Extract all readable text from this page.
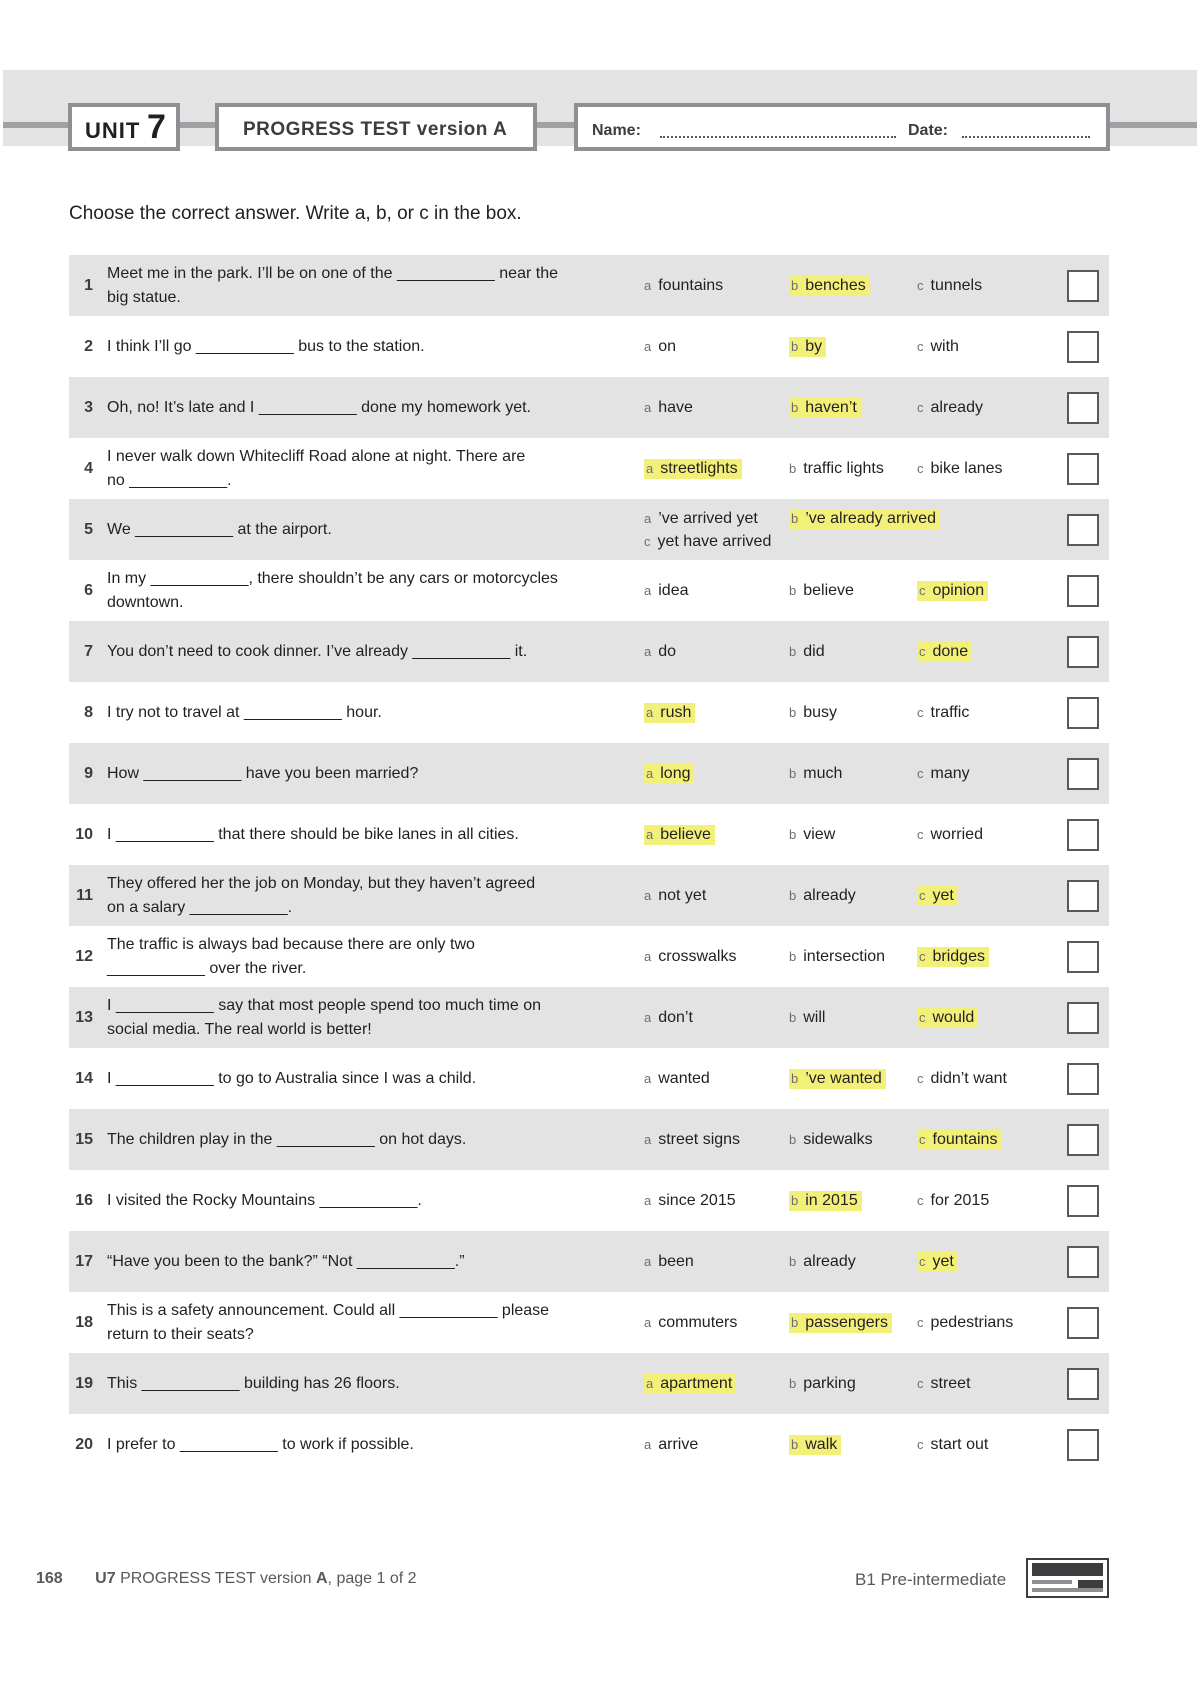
UNIT 7	PROGRESS TEST version A	Name:	Date:
Choose the correct answer. Write a, b, or c in the box.
1
Meet me in the park. I’ll be on one of the ___________ near the
big statue.
a fountains	b benches	c tunnels
2 I think I’ll go ___________ bus to the station.	a on	b by	c with
3 Oh, no! It’s late and I ___________ done my homework yet.	a have	b haven’t	c already
4
I never walk down Whitecliff Road alone at night. There are
no ___________.
a streetlights	b traffic lights	c bike lanes
5 We ___________ at the airport.
a ’ve arrived yet	b ’ve already arrived
c yet have arrived
6
In my ___________, there shouldn’t be any cars or motorcycles
downtown.
a idea	b believe	c opinion
7 You don’t need to cook dinner. I’ve already ___________ it.	a do	b did	c done
8 I try not to travel at ___________ hour.	a rush	b busy	c traffic
9 How ___________ have you been married?	a long	b much	c many
10 I ___________ that there should be bike lanes in all cities.	a believe	b view	c worried
11
They offered her the job on Monday, but they haven’t agreed
on a salary ___________.
a not yet	b already	c yet
12
The traffic is always bad because there are only two
___________ over the river.
a crosswalks	b intersection	c bridges
13
I ___________ say that most people spend too much time on
social media. The real world is better!
a don’t	b will	c would
14 I ___________ to go to Australia since I was a child.	a wanted	b ’ve wanted	c didn’t want
15 The children play in the ___________ on hot days.	a street signs	b sidewalks	c fountains
16 I visited the Rocky Mountains ___________.	a since 2015	b in 2015	c for 2015
17 “Have you been to the bank?” “Not ___________.”	a been	b already	c yet
18
This is a safety announcement. Could all ___________ please
return to their seats?
a commuters	b passengers	c pedestrians
19 This ___________ building has 26 floors.	a apartment	b parking	c street
20 I prefer to ___________ to work if possible.	a arrive	b walk	c start out
168 U7 PROGRESS TEST version A, page 1 of 2	B1 Pre-intermediate
